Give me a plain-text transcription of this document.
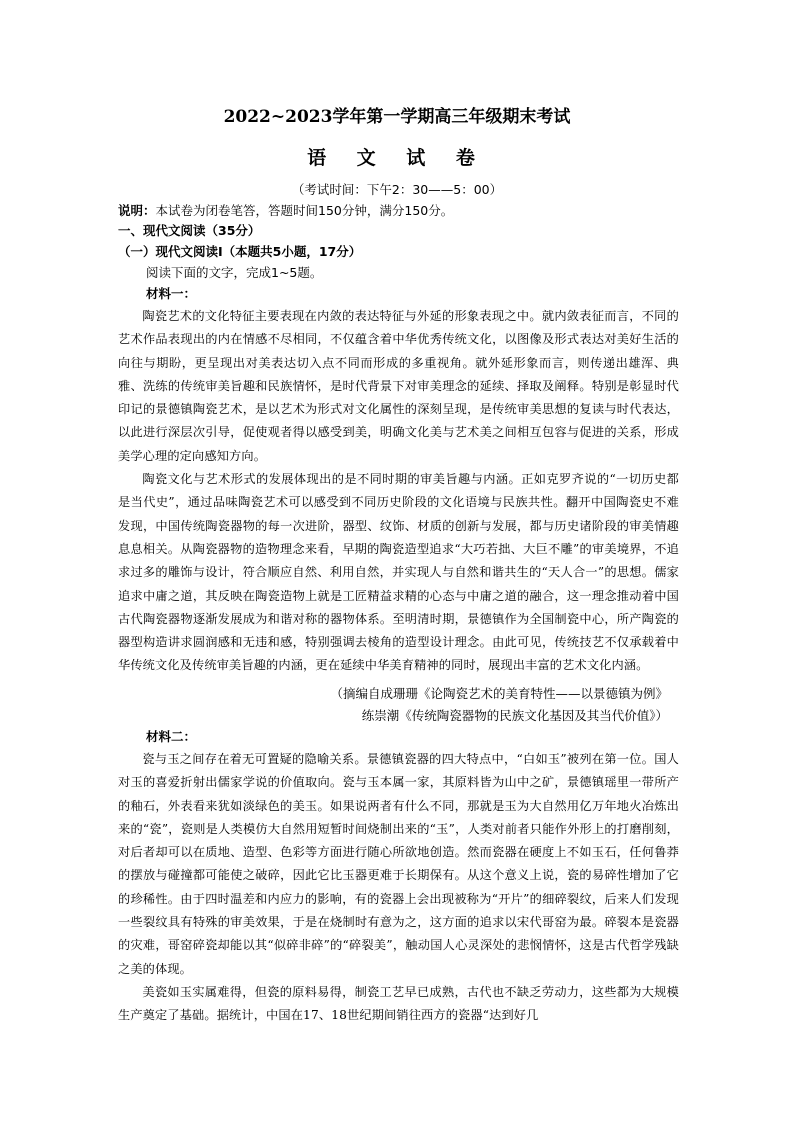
2022~2023学年第一学期高三年级期末考试
语 文 试 卷
（考试时间：下午2：30——5：00）
说明：本试卷为闭卷笔答，答题时间150分钟，满分150分。
一、现代文阅读（35分）
（一）现代文阅读Ⅰ（本题共5小题，17分）
阅读下面的文字，完成1~5题。
材料一：

陶瓷艺术的文化特征主要表现在内敛的表达特征与外延的形象表现之中。就内敛表征而言，不同的艺术作品表现出的内在情感不尽相同，不仅蕴含着中华优秀传统文化，以图像及形式表达对美好生活的向往与期盼，更呈现出对美表达切入点不同而形成的多重视角。就外延形象而言，则传递出雄浑、典雅、洗练的传统审美旨趣和民族情怀，是时代背景下对审美理念的延续、择取及阐释。特别是彰显时代印记的景德镇陶瓷艺术，是以艺术为形式对文化属性的深刻呈现，是传统审美思想的复读与时代表达，以此进行深层次引导，促使观者得以感受到美，明确文化美与艺术美之间相互包容与促进的关系，形成美学心理的定向感知方向。

陶瓷文化与艺术形式的发展体现出的是不同时期的审美旨趣与内涵。正如克罗齐说的“一切历史都是当代史”，通过品味陶瓷艺术可以感受到不同历史阶段的文化语境与民族共性。翻开中国陶瓷史不难发现，中国传统陶瓷器物的每一次进阶，器型、纹饰、材质的创新与发展，都与历史诸阶段的审美情趣息息相关。从陶瓷器物的造物理念来看，早期的陶瓷造型追求“大巧若拙、大巨不雕”的审美境界，不追求过多的雕饰与设计，符合顺应自然、利用自然，并实现人与自然和谐共生的“天人合一”的思想。儒家追求中庸之道，其反映在陶瓷造物上就是工匠精益求精的心态与中庸之道的融合，这一理念推动着中国古代陶瓷器物逐渐发展成为和谐对称的器物体系。至明清时期，景德镇作为全国制瓷中心，所产陶瓷的器型构造讲求圆润感和无违和感，特别强调去棱角的造型设计理念。由此可见，传统技艺不仅承载着中华传统文化及传统审美旨趣的内涵，更在延续中华美育精神的同时，展现出丰富的艺术文化内涵。

（摘编自成珊珊《论陶瓷艺术的美育特性——以景德镇为例》
练崇潮《传统陶瓷器物的民族文化基因及其当代价值》）
材料二：

瓷与玉之间存在着无可置疑的隐喻关系。景德镇瓷器的四大特点中，“白如玉”被列在第一位。国人对玉的喜爱折射出儒家学说的价值取向。瓷与玉本属一家，其原料皆为山中之矿，景德镇瑶里一带所产的釉石，外表看来犹如淡绿色的美玉。如果说两者有什么不同，那就是玉为大自然用亿万年地火冶炼出来的“瓷”，瓷则是人类模仿大自然用短暂时间烧制出来的“玉”，人类对前者只能作外形上的打磨削刻，对后者却可以在质地、造型、色彩等方面进行随心所欲地创造。然而瓷器在硬度上不如玉石，任何鲁莽的摆放与碰撞都可能使之破碎，因此它比玉器更难于长期保有。从这个意义上说，瓷的易碎性增加了它的珍稀性。由于四时温差和内应力的影响，有的瓷器上会出现被称为“开片”的细碎裂纹，后来人们发现一些裂纹具有特殊的审美效果，于是在烧制时有意为之，这方面的追求以宋代哥窑为最。碎裂本是瓷器的灾难，哥窑碎瓷却能以其“似碎非碎”的“碎裂美”，触动国人心灵深处的悲悯情怀，这是古代哲学残缺之美的体现。

美瓷如玉实属难得，但瓷的原料易得，制瓷工艺早已成熟，古代也不缺乏劳动力，这些都为大规模生产奠定了基础。据统计，中国在17、18世纪期间销往西方的瓷器“达到好几
